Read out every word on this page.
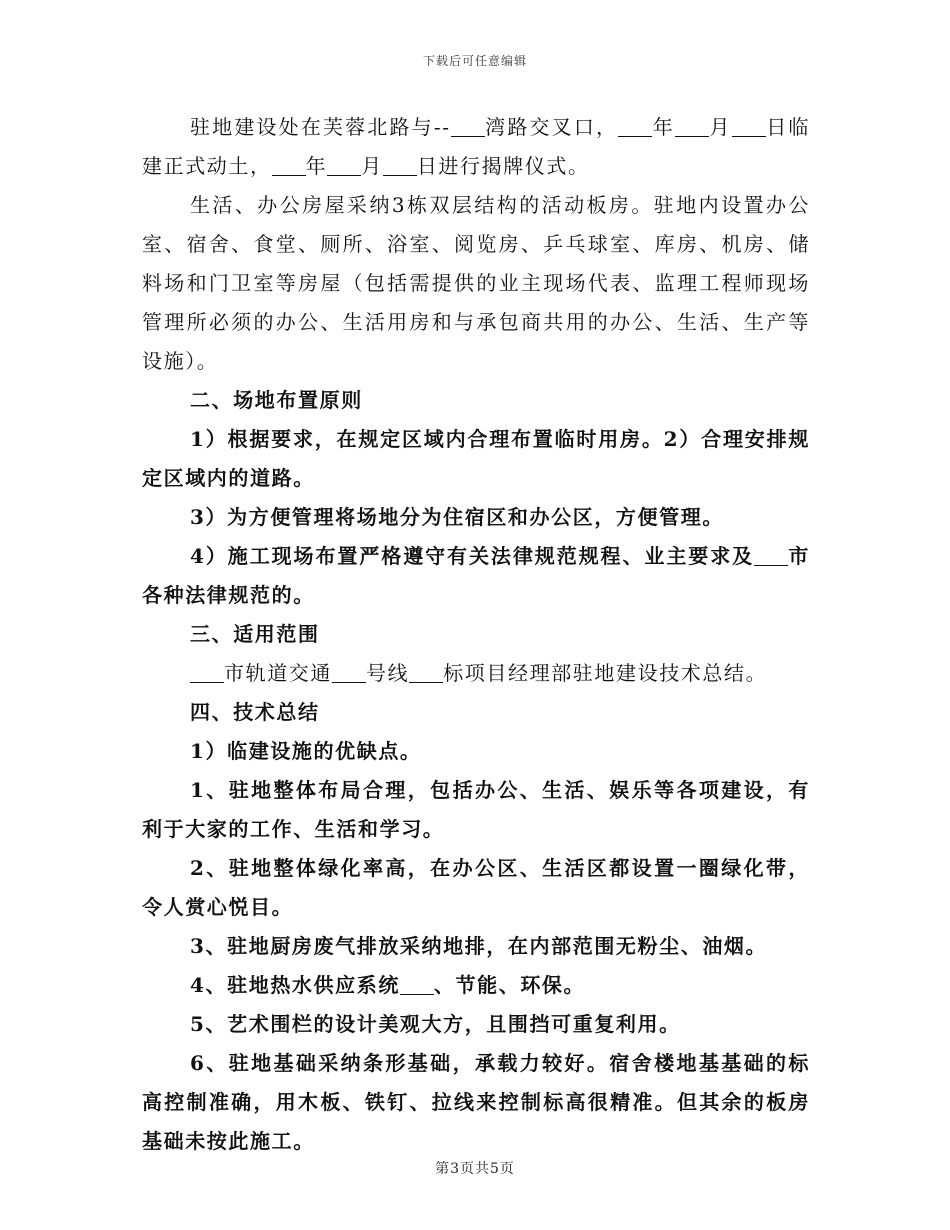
下载后可任意编辑

驻地建设处在芙蓉北路与-- 湾路交叉口， 年 月 日临建正式动土， 年 月 日进行揭牌仪式。

生活、办公房屋采纳3栋双层结构的活动板房。驻地内设置办公室、宿舍、食堂、厕所、浴室、阅览房、乒乓球室、库房、机房、储料场和门卫室等房屋（包括需提供的业主现场代表、监理工程师现场管理所必须的办公、生活用房和与承包商共用的办公、生活、生产等设施）。

二、场地布置原则

1）根据要求，在规定区域内合理布置临时用房。2）合理安排规定区域内的道路。

3）为方便管理将场地分为住宿区和办公区，方便管理。

4）施工现场布置严格遵守有关法律规范规程、业主要求及 市各种法律规范的。

三、适用范围

市轨道交通 号线 标项目经理部驻地建设技术总结。

四、技术总结

1）临建设施的优缺点。

1、驻地整体布局合理，包括办公、生活、娱乐等各项建设，有利于大家的工作、生活和学习。

2、驻地整体绿化率高，在办公区、生活区都设置一圈绿化带，令人赏心悦目。

3、驻地厨房废气排放采纳地排，在内部范围无粉尘、油烟。

4、驻地热水供应系统 、节能、环保。

5、艺术围栏的设计美观大方，且围挡可重复利用。

6、驻地基础采纳条形基础，承载力较好。宿舍楼地基基础的标高控制准确，用木板、铁钉、拉线来控制标高很精准。但其余的板房基础未按此施工。

第3页共5页
